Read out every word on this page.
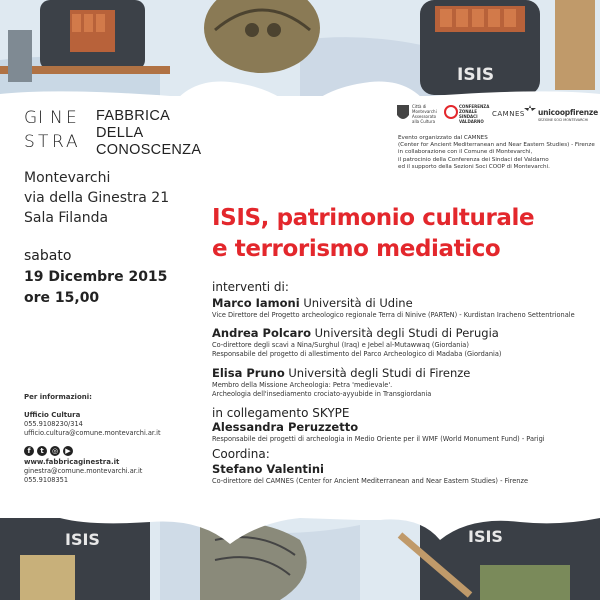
ISIS
G
I N E
S T R A
FABBRICA
DELLA
CONOSCENZA
Montevarchi
via della Ginestra 21
Sala Filanda
sabato
19 Dicembre 2015
ore 15,00
Per informazioni:
Ufficio Cultura
055.9108230/314
ufficio.cultura@comune.montevarchi.ar.it
f	t	◎	▶
www.fabbricaginestra.it
ginestra@comune.montevarchi.ar.it
055.9108351
Città di Montevarchi Assessorato alla Cultura
CONFERENZA ZONALE SINDACI VALDARNO
CAMNES unicoopfirenze
SEZIONE SOCI MONTEVARCHI
Evento organizzato dal CAMNES
(Center for Ancient Mediterranean and Near Eastern Studies) - Firenze
in collaborazione con il Comune di Montevarchi,
il patrocinio della Conferenza dei Sindaci del Valdarno
ed il supporto della Sezioni Soci COOP di Montevarchi.
ISIS, patrimonio culturale
e terrorismo mediatico
interventi di:
Marco Iamoni Università di Udine
Vice Direttore del Progetto archeologico regionale Terra di Ninive (PARTeN) - Kurdistan Iracheno Settentrionale
Andrea Polcaro Università degli Studi di Perugia
Co-direttore degli scavi a Nina/Surghul (Iraq) e Jebel al-Mutawwaq (Giordania)
Responsabile del progetto di allestimento del Parco Archeologico di Madaba (Giordania)
Elisa Pruno Università degli Studi di Firenze
Membro della Missione Archeologia: Petra 'medievale'.
Archeologia dell'insediamento crociato-ayyubide in Transgiordania
in collegamento SKYPE
Alessandra Peruzzetto
Responsabile dei progetti di archeologia in Medio Oriente per il WMF (World Monument Fund) - Parigi
Coordina:
Stefano Valentini
Co-direttore del CAMNES (Center for Ancient Mediterranean and Near Eastern Studies) - Firenze
ISIS	ISIS
